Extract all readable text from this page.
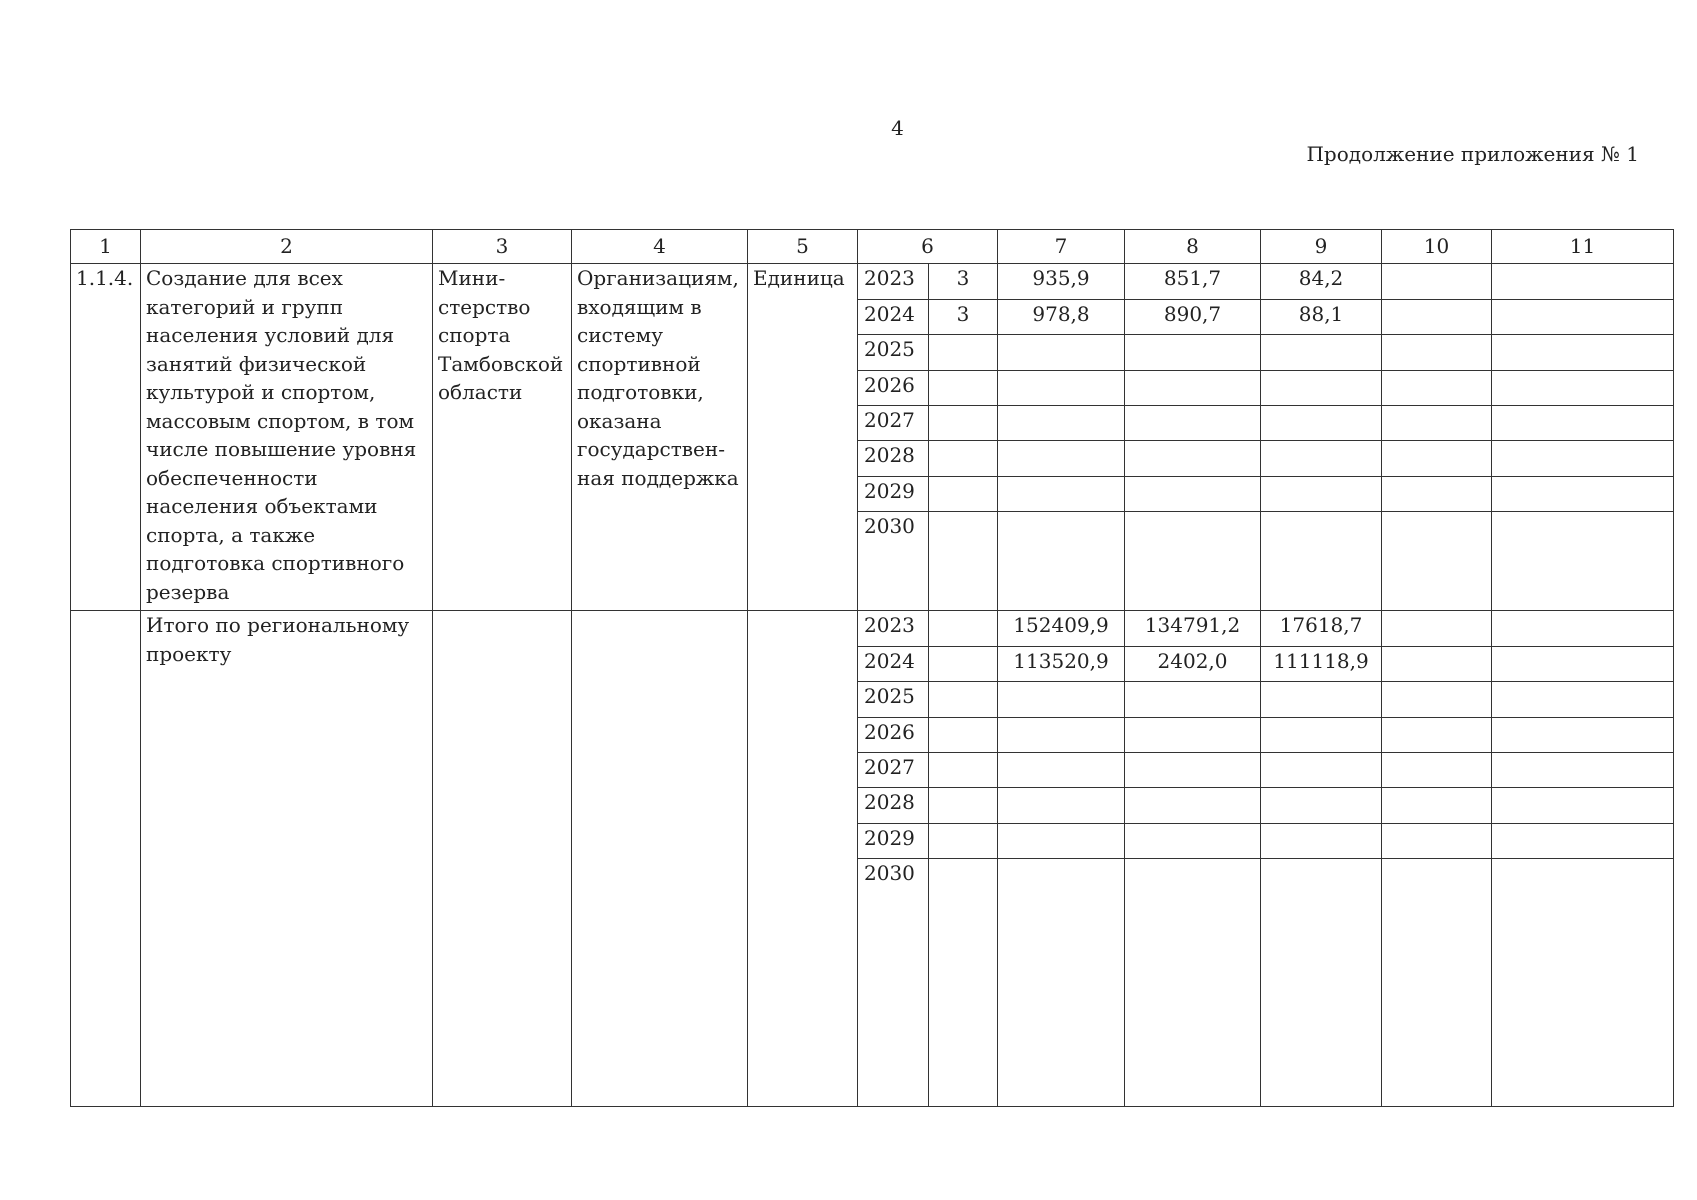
4
Продолжение приложения № 1
1	2	3	4	5	6		7	8	9	10	11
1.1.4.	Создание для всех категорий и групп населения условий для занятий физической культурой и спортом, массовым спортом, в том числе повышение уровня обеспеченности населения объектами спорта, а также подготовка спортивного резерва	Мини-стерство спорта Тамбовской области	Организациям, входящим в систему спортивной подготовки, оказана государствен-ная поддержка	Единица	2023	3	935,9	851,7	84,2		
					2024	3	978,8	890,7	88,1		
					2025						
					2026						
					2027						
					2028						
					2029						
					2030						
	Итого по региональному проекту				2023		152409,9	134791,2	17618,7		
					2024		113520,9	2402,0	111118,9		
					2025						
					2026						
					2027						
					2028						
					2029						
					2030						
